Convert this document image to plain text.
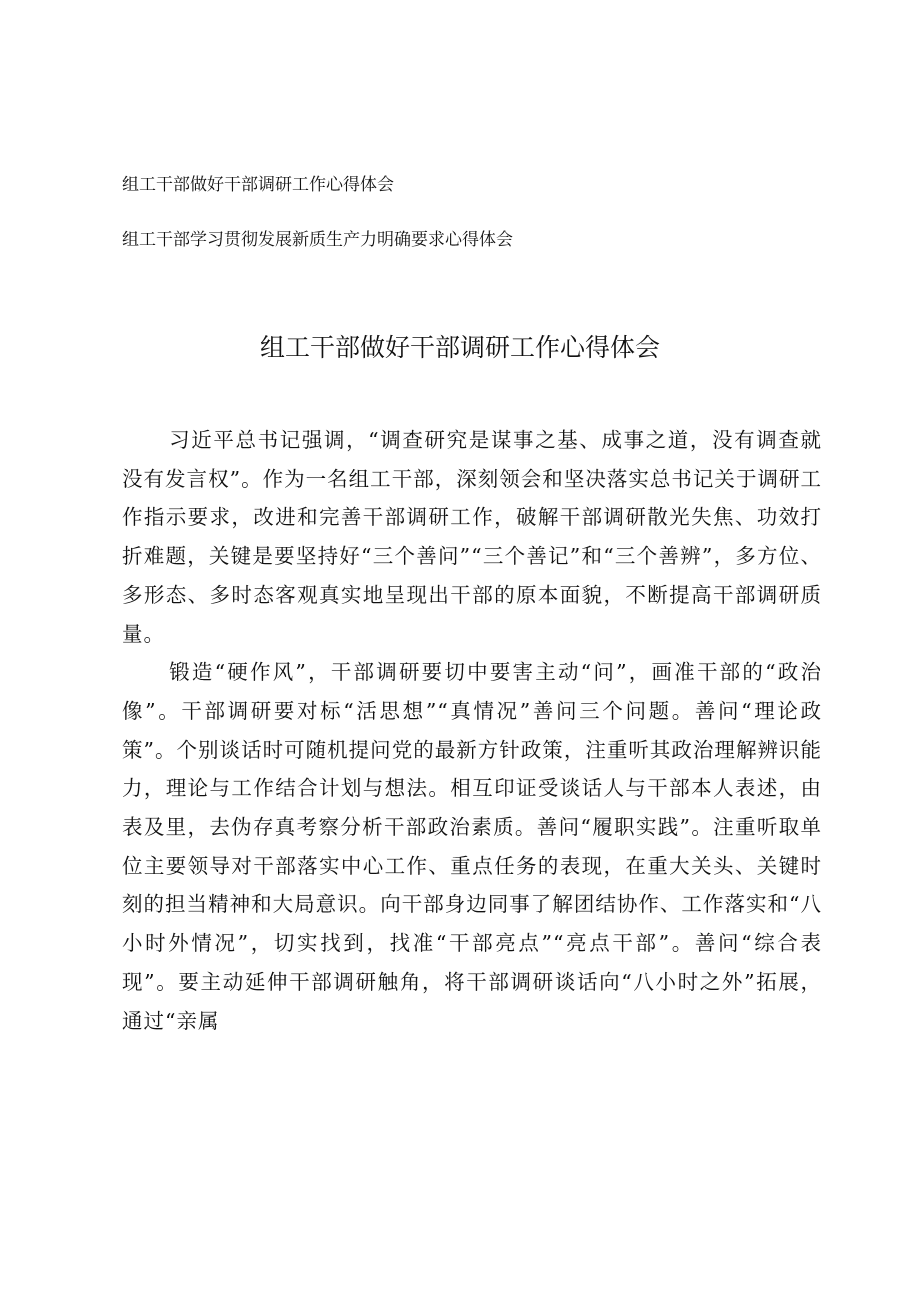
组工干部做好干部调研工作心得体会
组工干部学习贯彻发展新质生产力明确要求心得体会
组工干部做好干部调研工作心得体会

习近平总书记强调，“调查研究是谋事之基、成事之道，没有调查就没有发言权”。作为一名组工干部，深刻领会和坚决落实总书记关于调研工作指示要求，改进和完善干部调研工作，破解干部调研散光失焦、功效打折难题，关键是要坚持好“三个善问”“三个善记”和“三个善辨”，多方位、多形态、多时态客观真实地呈现出干部的原本面貌，不断提高干部调研质量。

锻造“硬作风”，干部调研要切中要害主动“问”，画准干部的“政治像”。干部调研要对标“活思想”“真情况”善问三个问题。善问“理论政策”。个别谈话时可随机提问党的最新方针政策，注重听其政治理解辨识能力，理论与工作结合计划与想法。相互印证受谈话人与干部本人表述，由表及里，去伪存真考察分析干部政治素质。善问“履职实践”。注重听取单位主要领导对干部落实中心工作、重点任务的表现，在重大关头、关键时刻的担当精神和大局意识。向干部身边同事了解团结协作、工作落实和“八小时外情况”，切实找到，找准“干部亮点”“亮点干部”。善问“综合表现”。要主动延伸干部调研触角，将干部调研谈话向“八小时之外”拓展，通过“亲属
